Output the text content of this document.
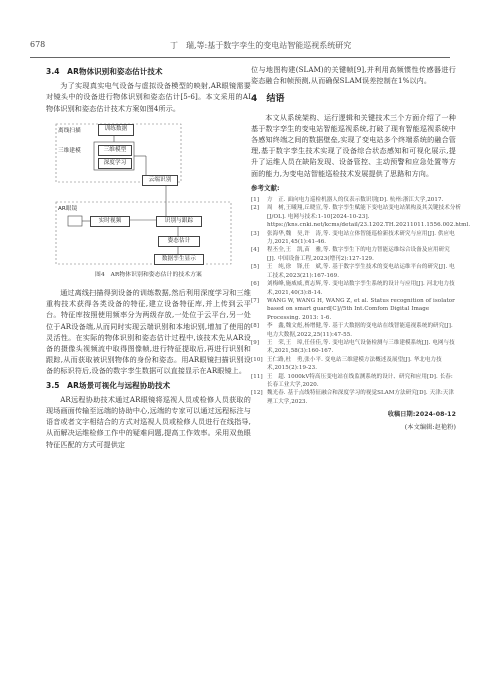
678	丁　瑞,等:基于数字孪生的变电站智能巡视系统研究
3.4　AR物体识别和姿态估计技术

为了实现真实电气设备与虚拟设备模型的映射,AR眼镜需要对镜头中的设备进行物体识别和姿态估计[5-6]。本文采用的AI物体识别和姿态估计技术方案如图4所示。

离线扫描	训练数据
三维建模	三维模型
深度学习
云端识别
AR眼镜
实时视频	识别与跟踪
姿态估计
数据孪生显示
图4　AR物体识别和姿态估计的技术方案

通过离线扫描得到设备的训练数据,然后利用深度学习和三维重构技术获得各类设备的特征,建立设备特征库,并上传到云平台。特征库按照使用频率分为两级存放,一处位于云平台,另一处位于AR设备端,从而同时实现云端识别和本地识别,增加了使用的灵活性。在实际的物体识别和姿态估计过程中,该技术先从AR设备的摄像头视频流中取得图像帧,进行特征提取后,再进行识别和跟踪,从而获取被识别物体的身份和姿态。用AR眼镜扫描识别设备的标识符后,设备的数字孪生数据可以直接显示在AR眼镜上。

3.5　AR场景可视化与远程协助技术

AR远程协助技术通过AR眼镜将巡视人员或检修人员获取的现场画面传输至远端的协助中心,远端的专家可以通过远程标注与语音或者文字相结合的方式对巡视人员或检修人员进行在线指导,从而解决运维检修工作中的疑难问题,提高工作效率。采用双鱼眼特征匹配的方式可提供定

位与地图构建(SLAM)的关键帧[9],并利用高频惯性传感器进行姿态融合和帧预测,从而确保SLAM误差控制在1%以内。

4　结语

本文从系统架构、运行逻辑和关键技术三个方面介绍了一种基于数字孪生的变电站智能巡视系统,打破了现有智能巡视系统中各感知终端之间的数据壁垒,实现了变电站多个终端系统的融合管理,基于数字孪生技术实现了设备综合状态感知和可视化展示,提升了运维人员在缺陷发现、设备管控、主动预警和应急处置等方面的能力,为变电站智能巡检技术发展提供了思路和方向。

参考文献:
[1]	方　正. 面向电力巡检机器人的仪表示数识别[D]. 杭州:浙江大学,2017.
[2]	周　树,王曦翔,丘晓宣,等. 数字孪生赋能下变电站变电站架构及其关键技术分析[J/OL]. 电网与技术:1-10[2024-10-23]. https://kns.cnki.net/kcms/detail/23.1202.TH.20211011.1556.002.html.
[3]	张海华,魏　昊,许　涛,等. 变电站立体智能巡检新技术研究与应用[J]. 供应电力,2021,45(1):41-46.
[4]	程丕全,王　凯,苗　雅,等. 数字孪生下的电力智能运维综合设备及应用研究[J]. 中国设备工程,2023(增刊2):127-129.
[5]	王　纯,徐　锋,任　斌,等. 基于数字孪生技术的变电站运维平台的研究[J]. 电工技术,2023(21):167-169.
[6]	刘梅峰,施威威,贾志辉,等. 变电站数字孪生系统的设计与应用[J]. 河北电力技术,2021,40(3):8-14.
[7]	WANG W, WANG H, WANG Z, et al. Status recognition of isolator based on smart guard[C]//5th Int.Comfom Digital Image Processing. 2013: 1-6.
[8]	李　鑫,魏文彪,杨增健,等. 基于大数据的变电站在线智能巡视系统的研究[J]. 电力大数据,2022,25(11):47-55.
[9]	王　荣,王　璋,任佳佳,等. 变电站电气设备检测与三维建模系统[J]. 电网与技术,2021,58(3):160-167.
[10] 王仁路,杜　勇,张小平. 变电站三维建模方法概述及展望[J]. 华北电力技术,2015(2):19-23.
[11] 王　超. 1000kV特高压变电站在线监测系统的设计、研究和应用[D]. 长春:长春工业大学,2020.
[12] 魏光春. 基于点线特征融合和深度学习的视觉SLAM方法研究[D]. 天津:天津理工大学,2023.
收稿日期:2024-08-12
(本文编辑:赵艳粉)
